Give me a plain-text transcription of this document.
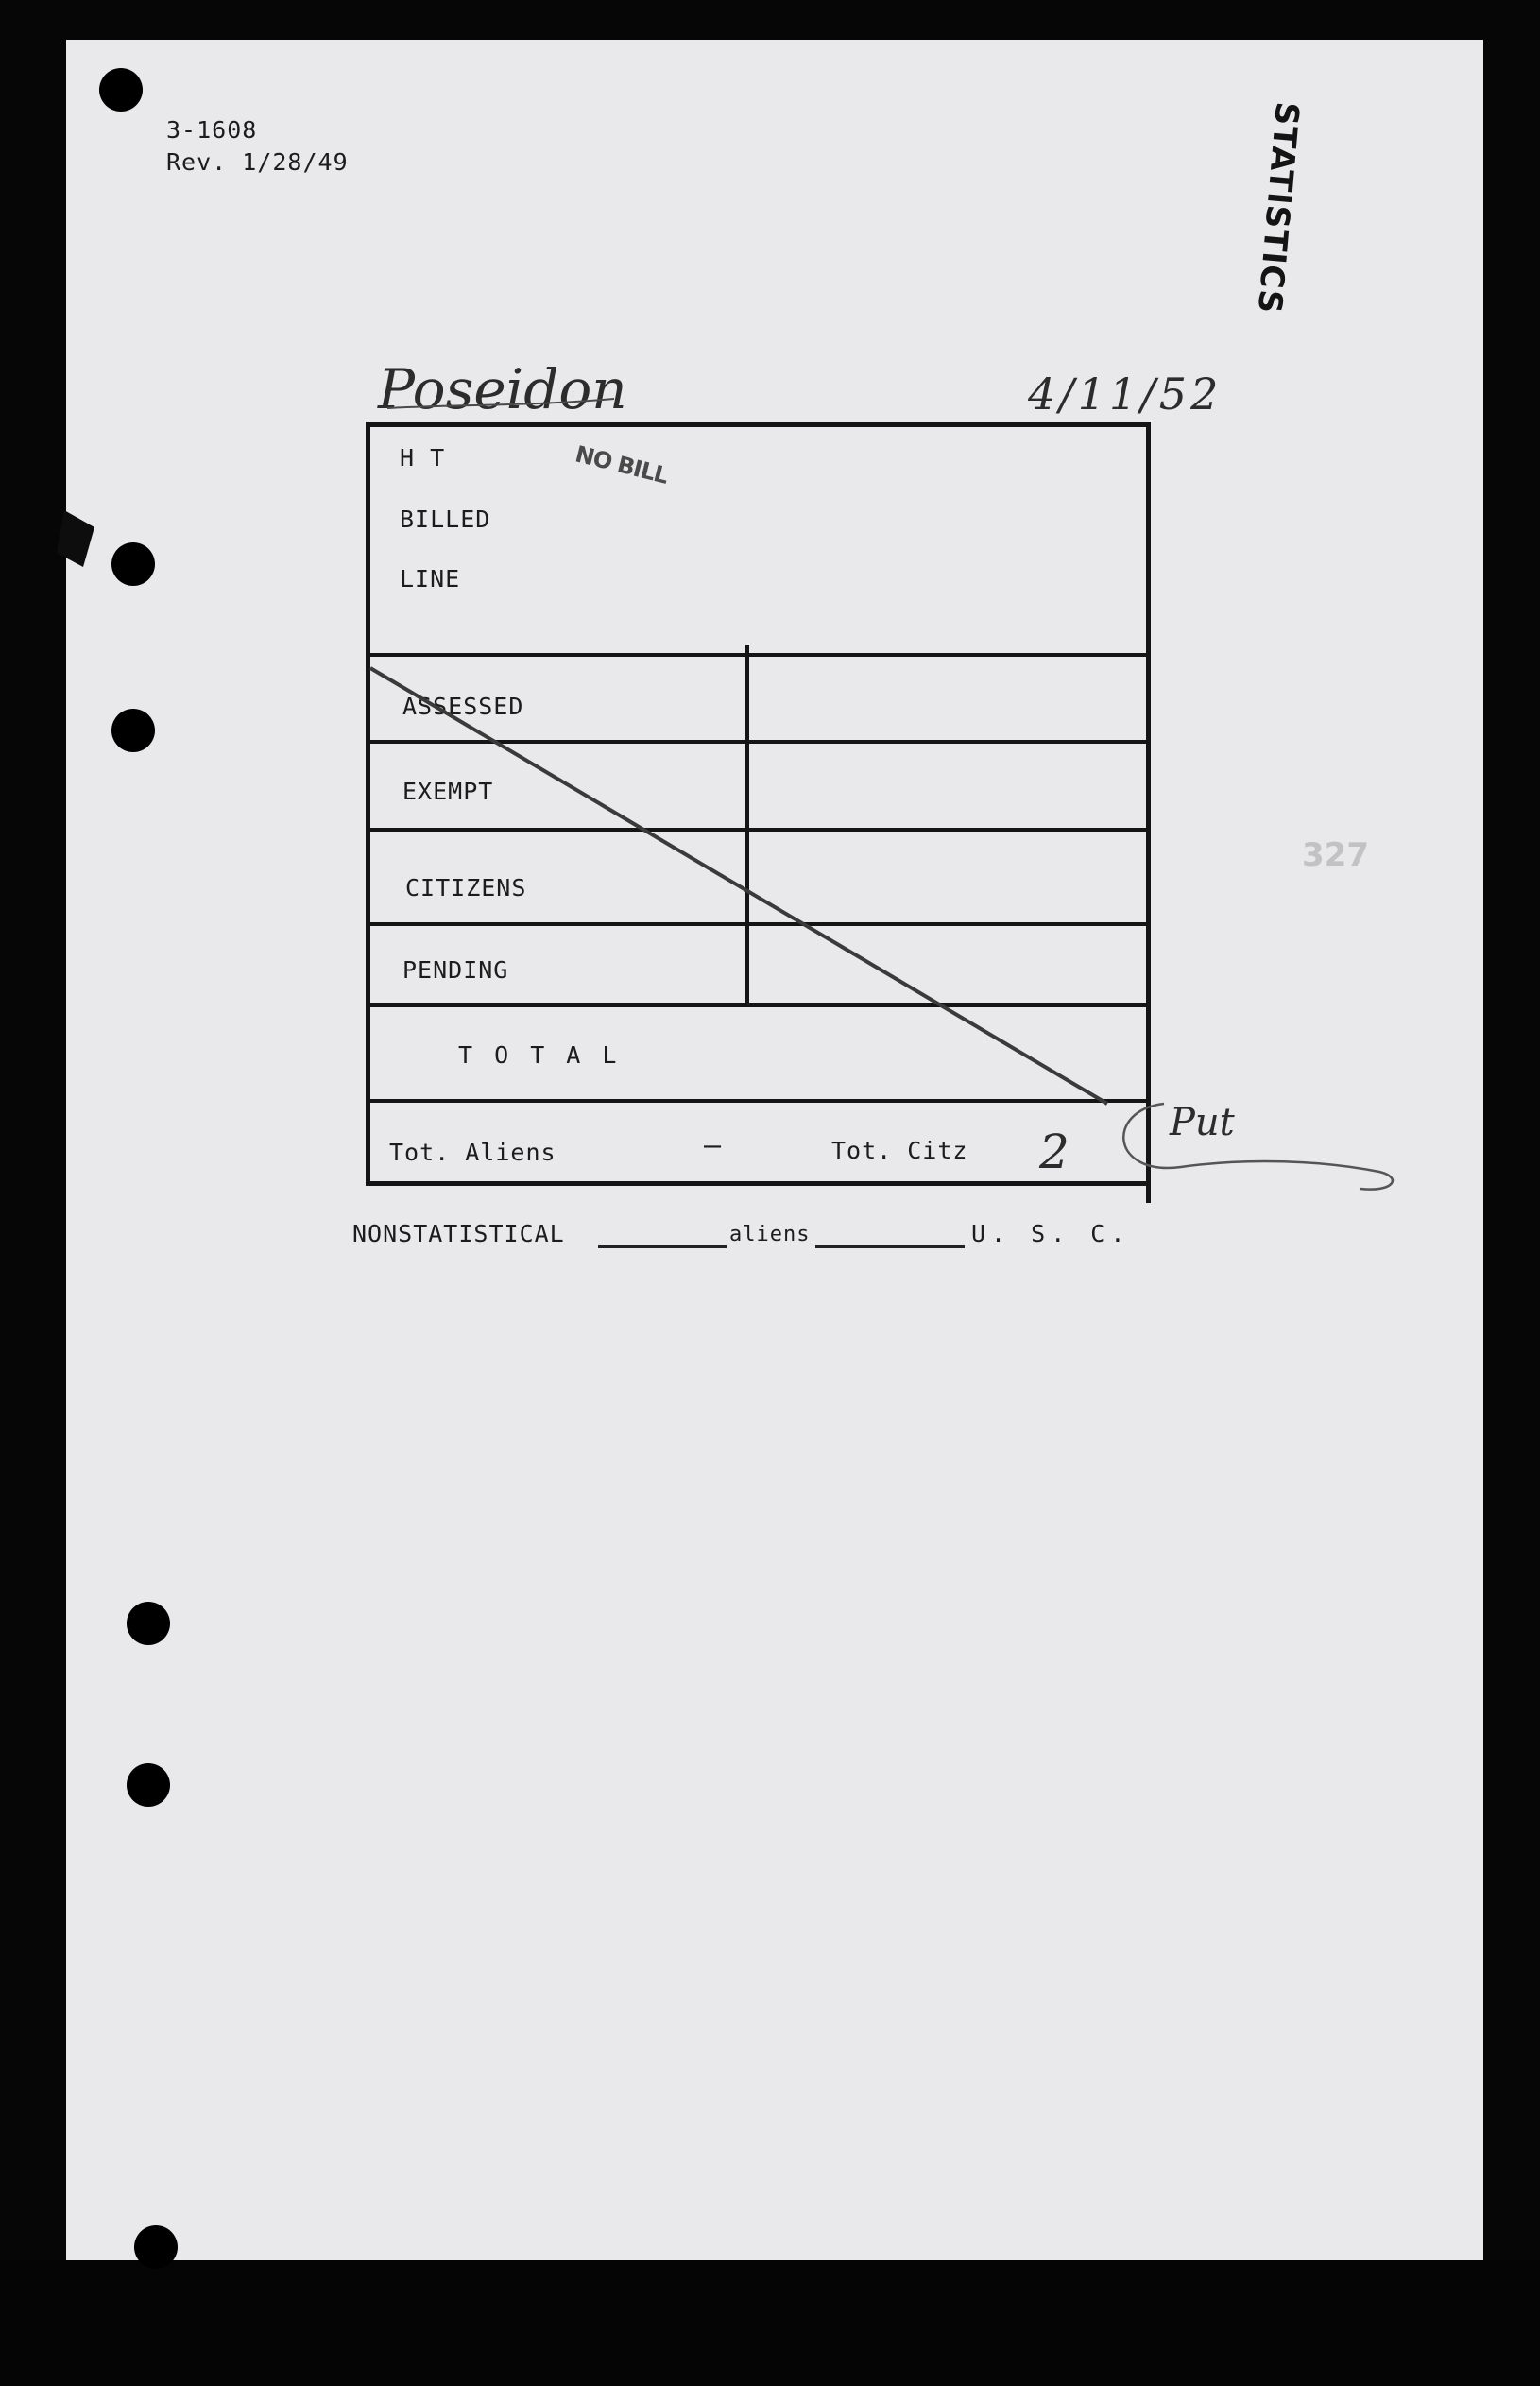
3-1608
Rev. 1/28/49	STATISTICS
327
Poseidon	4/11/52
H T
BILLED
LINE
NO BILL
ASSESSED
EXEMPT
CITIZENS
PENDING
T O T A L
Tot. Aliens	—	Tot. Citz 2
Put
NONSTATISTICAL	aliens	U. S. C.
